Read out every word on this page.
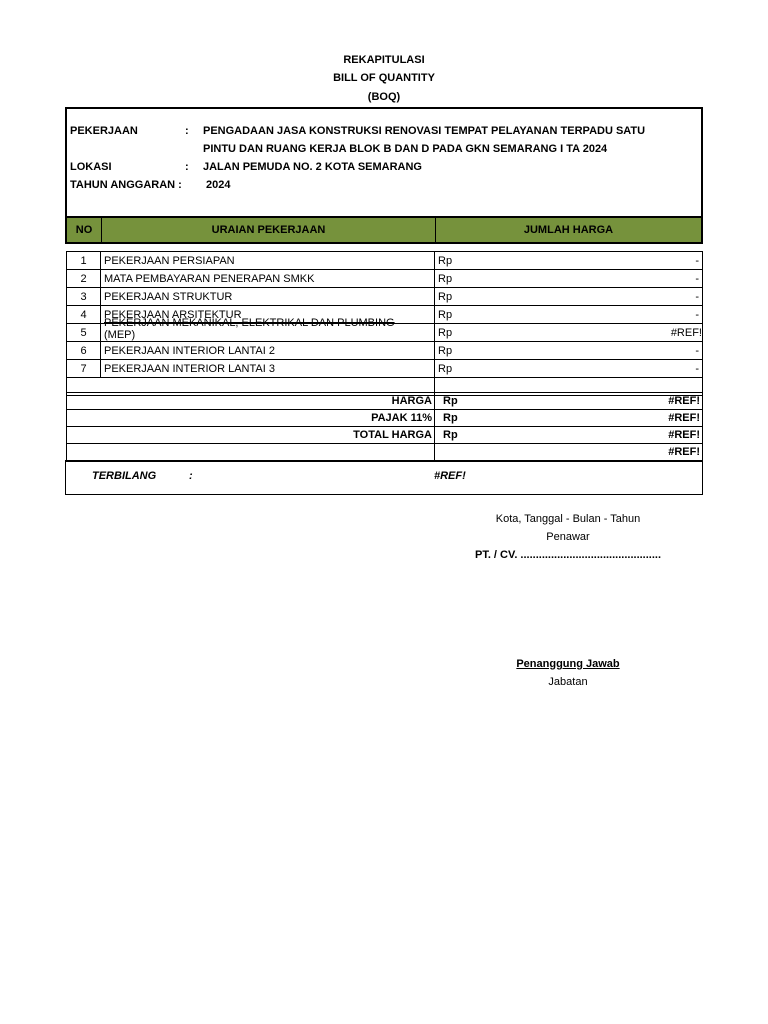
REKAPITULASI
BILL OF QUANTITY
(BOQ)
PEKERJAAN	: PENGADAAN JASA KONSTRUKSI RENOVASI TEMPAT PELAYANAN TERPADU SATU
PINTU DAN RUANG KERJA BLOK B DAN D PADA GKN SEMARANG I TA 2024
LOKASI	: JALAN PEMUDA NO. 2 KOTA SEMARANG
TAHUN ANGGARAN : 2024
NO	URAIAN PEKERJAAN	JUMLAH HARGA
1	PEKERJAAN PERSIAPAN	Rp -

2	MATA PEMBAYARAN PENERAPAN SMKK	Rp -

3	PEKERJAAN STRUKTUR	Rp -

4	PEKERJAAN ARSITEKTUR	Rp -

5	PEKERJAAN MEKANIKAL, ELEKTRIKAL DAN PLUMBING
(MEP)	Rp #REF!

6	PEKERJAAN INTERIOR LANTAI 2	Rp -

7	PEKERJAAN INTERIOR LANTAI 3	Rp -

HARGA	Rp #REF!

PAJAK 11%	Rp #REF!

TOTAL HARGA	Rp #REF!

	#REF!
TERBILANG	:	#REF!
Kota, Tanggal - Bulan - Tahun
Penawar
PT. / CV. ..............................................
Penanggung Jawab
Jabatan
